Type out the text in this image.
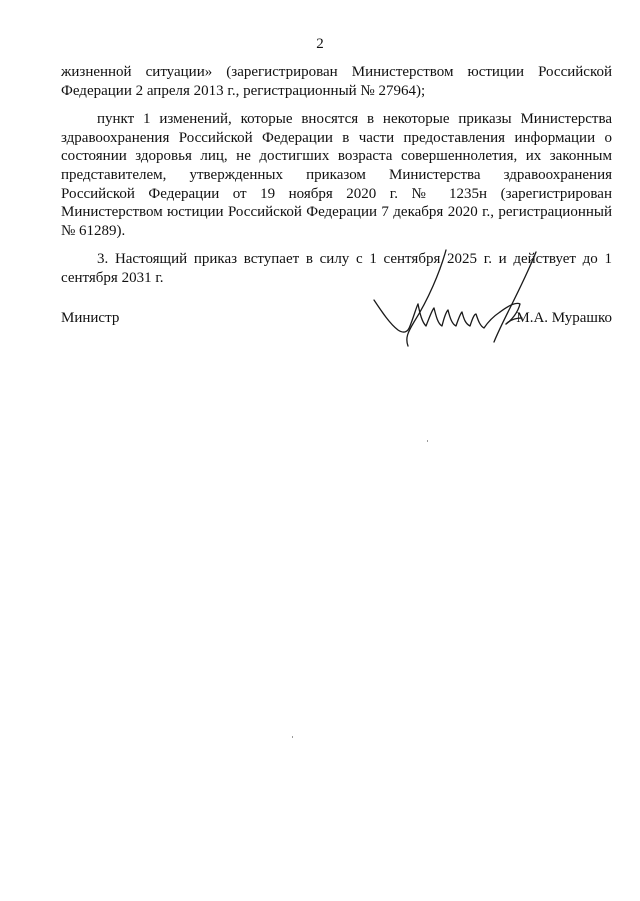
2

жизненной ситуации» (зарегистрирован Министерством юстиции Российской Федерации 2 апреля 2013 г., регистрационный № 27964);

пункт 1 изменений, которые вносятся в некоторые приказы Министерства здравоохранения Российской Федерации в части предоставления информации о состоянии здоровья лиц, не достигших возраста совершеннолетия, их законным представителем, утвержденных приказом Министерства здравоохранения Российской Федерации от 19 ноября 2020 г. № 1235н (зарегистрирован Министерством юстиции Российской Федерации 7 декабря 2020 г., регистрационный № 61289).

3. Настоящий приказ вступает в силу с 1 сентября 2025 г. и действует до 1 сентября 2031 г.

Министр	М.А. Мурашко
